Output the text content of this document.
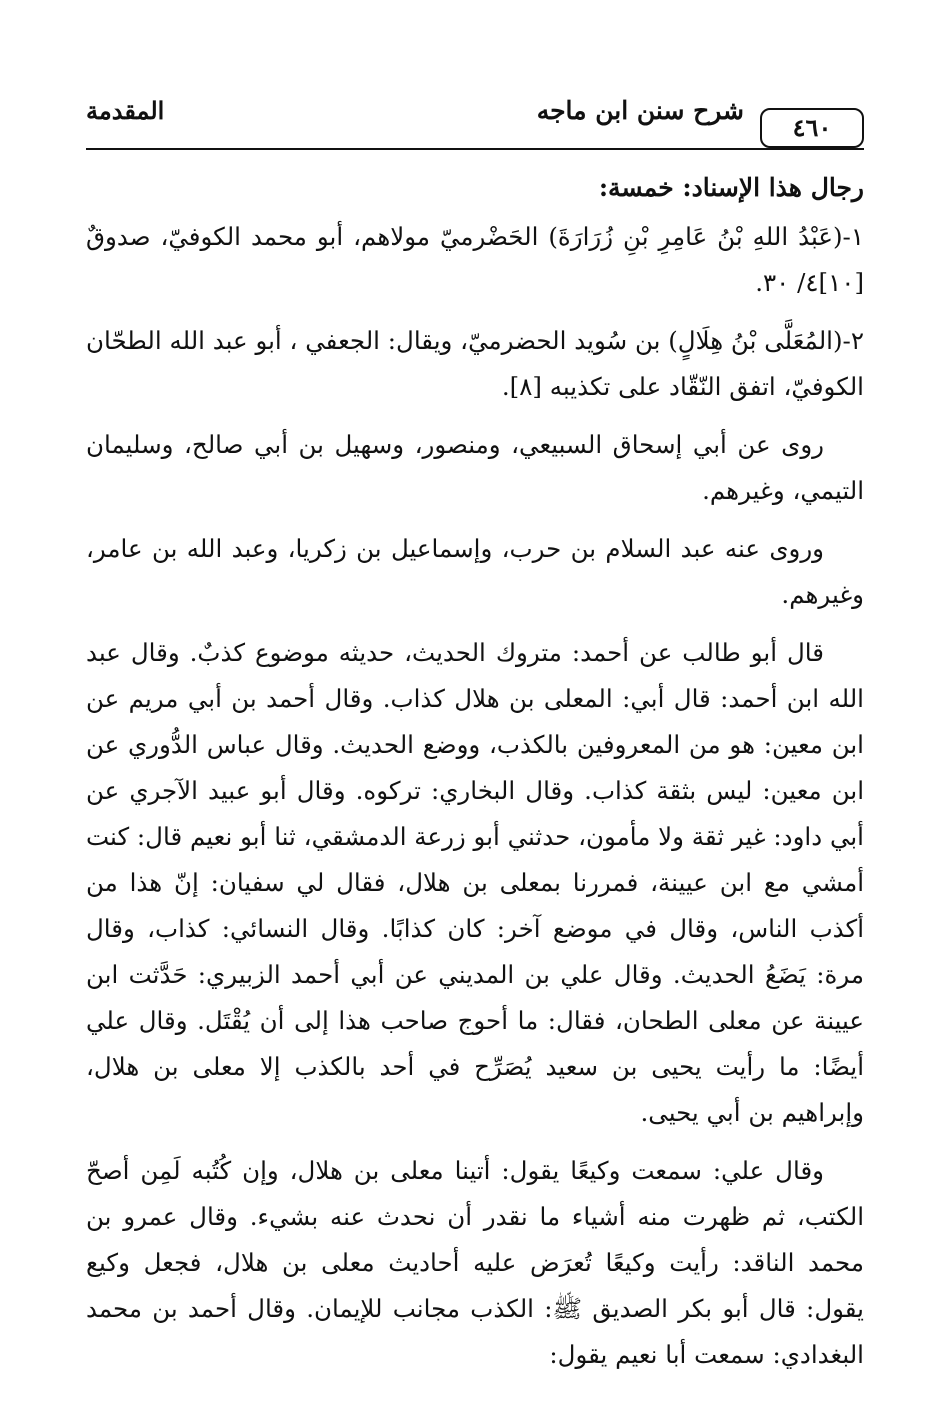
المقدمة	شرح سنن ابن ماجه
٤٦٠
رجال هذا الإسناد: خمسة:

١-(عَبْدُ اللهِ بْنُ عَامِرِ بْنِ زُرَارَةَ) الحَضْرميّ مولاهم، أبو محمد الكوفيّ، صدوقٌ [١٠]٤/ ٣٠.

٢-(المُعَلَّى بْنُ هِلَالٍ) بن سُويد الحضرميّ، ويقال: الجعفي ، أبو عبد الله الطحّان الكوفيّ، اتفق النّقّاد على تكذيبه [٨].

روى عن أبي إسحاق السبيعي، ومنصور، وسهيل بن أبي صالح، وسليمان التيمي، وغيرهم.

وروى عنه عبد السلام بن حرب، وإسماعيل بن زكريا، وعبد الله بن عامر، وغيرهم.

قال أبو طالب عن أحمد: متروك الحديث، حديثه موضوع كذبٌ. وقال عبد الله ابن أحمد: قال أبي: المعلى بن هلال كذاب. وقال أحمد بن أبي مريم عن ابن معين: هو من المعروفين بالكذب، ووضع الحديث. وقال عباس الدُّوري عن ابن معين: ليس بثقة كذاب. وقال البخاري: تركوه. وقال أبو عبيد الآجري عن أبي داود: غير ثقة ولا مأمون، حدثني أبو زرعة الدمشقي، ثنا أبو نعيم قال: كنت أمشي مع ابن عيينة، فمررنا بمعلى بن هلال، فقال لي سفيان: إنّ هذا من أكذب الناس، وقال في موضع آخر: كان كذابًا. وقال النسائي: كذاب، وقال مرة: يَضَعُ الحديث. وقال علي بن المديني عن أبي أحمد الزبيري: حَدَّثت ابن عيينة عن معلى الطحان، فقال: ما أحوج صاحب هذا إلى أن يُقْتَل. وقال علي أيضًا: ما رأيت يحيى بن سعيد يُصَرِّح في أحد بالكذب إلا معلى بن هلال، وإبراهيم بن أبي يحيى.

وقال علي: سمعت وكيعًا يقول: أتينا معلى بن هلال، وإن كُتُبه لَمِن أصحّ الكتب، ثم ظهرت منه أشياء ما نقدر أن نحدث عنه بشيء. وقال عمرو بن محمد الناقد: رأيت وكيعًا تُعرَض عليه أحاديث معلى بن هلال، فجعل وكيع يقول: قال أبو بكر الصديق ﷺ: الكذب مجانب للإيمان. وقال أحمد بن محمد البغدادي: سمعت أبا نعيم يقول:
